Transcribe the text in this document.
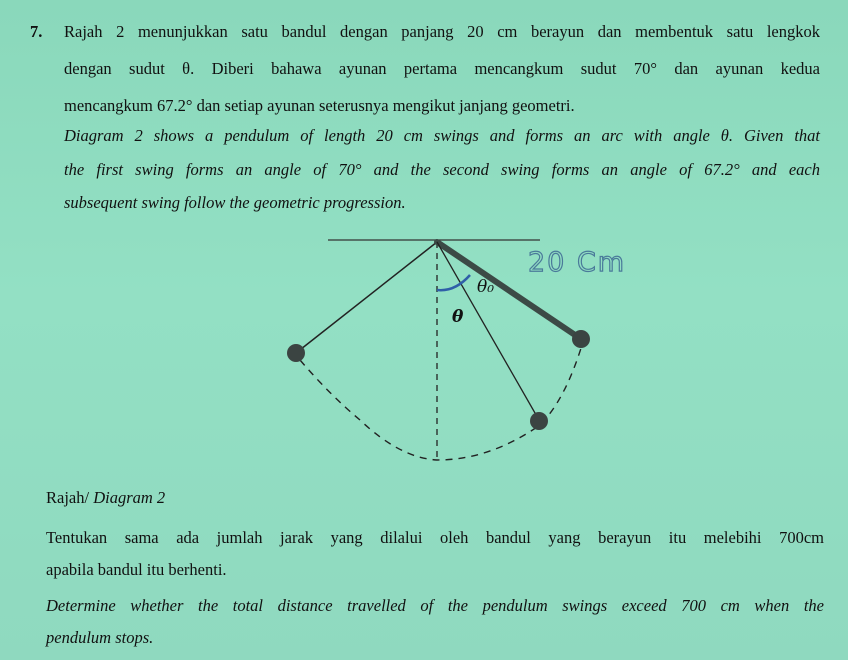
7. Rajah 2 menunjukkan satu bandul dengan panjang 20 cm berayun dan membentuk satu lengkok
dengan sudut θ. Diberi bahawa ayunan pertama mencangkum sudut 70° dan ayunan kedua
mencangkum 67.2° dan setiap ayunan seterusnya mengikut janjang geometri.
Diagram 2 shows a pendulum of length 20 cm swings and forms an arc with angle θ. Given that
the first swing forms an angle of 70° and the second swing forms an angle of 67.2° and each
subsequent swing follow the geometric progression.
θ₀
θ
20 Cm
Rajah/ Diagram 2
Tentukan sama ada jumlah jarak yang dilalui oleh bandul yang berayun itu melebihi 700cm
apabila bandul itu berhenti.
Determine whether the total distance travelled of the pendulum swings exceed 700 cm when the
pendulum stops.
